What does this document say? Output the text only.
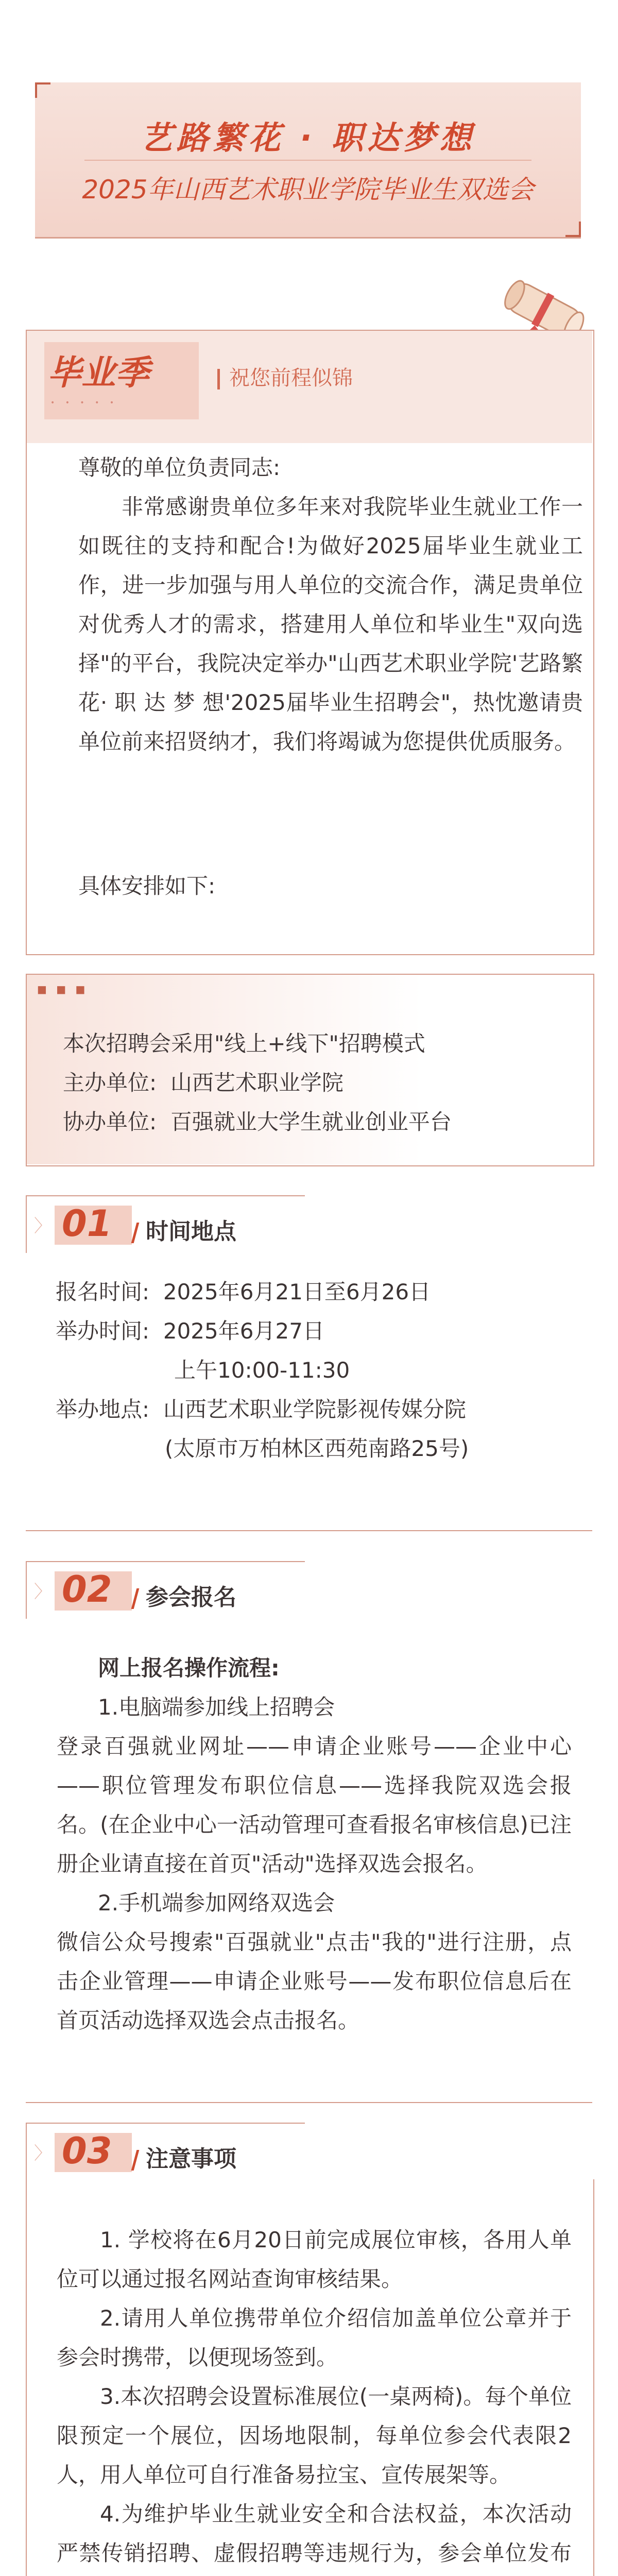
艺路繁花 · 职达梦想
2025年山西艺术职业学院毕业生双选会
毕业季
• • • • •
祝您前程似锦
尊敬的单位负责同志:
非常感谢贵单位多年来对我院毕业生就业工作一如既往的支持和配合!为做好2025届毕业生就业工作，进一步加强与用人单位的交流合作，满足贵单位对优秀人才的需求，搭建用人单位和毕业生"双向选择"的平台，我院决定举办"山西艺术职业学院'艺路繁花· 职 达 梦 想'2025届毕业生招聘会"，热忱邀请贵单位前来招贤纳才，我们将竭诚为您提供优质服务。
具体安排如下:
■ ■ ■
本次招聘会采用"线上+线下"招聘模式
主办单位: 山西艺术职业学院
协办单位: 百强就业大学生就业创业平台
〉 01	时间地点
报名时间: 2025年6月21日至6月26日
举办时间: 2025年6月27日
上午10:00-11:30
举办地点: 山西艺术职业学院影视传媒分院
(太原市万柏林区西苑南路25号)
〉 02	参会报名
网上报名操作流程:
1.电脑端参加线上招聘会
登录百强就业网址——申请企业账号——企业中心——职位管理发布职位信息——选择我院双选会报名。(在企业中心一活动管理可查看报名审核信息)已注册企业请直接在首页"活动"选择双选会报名。
2.手机端参加网络双选会
微信公众号搜索"百强就业"点击"我的"进行注册，点击企业管理——申请企业账号——发布职位信息后在首页活动选择双选会点击报名。
〉 03	注意事项
1. 学校将在6月20日前完成展位审核，各用人单位可以通过报名网站查询审核结果。
2.请用人单位携带单位介绍信加盖单位公章并于参会时携带，以便现场签到。
3.本次招聘会设置标准展位(一桌两椅)。每个单位限预定一个展位，因场地限制，每单位参会代表限2人，用人单位可自行准备易拉宝、宣传展架等。
4.为维护毕业生就业安全和合法权益，本次活动严禁传销招聘、虚假招聘等违规行为，参会单位发布
